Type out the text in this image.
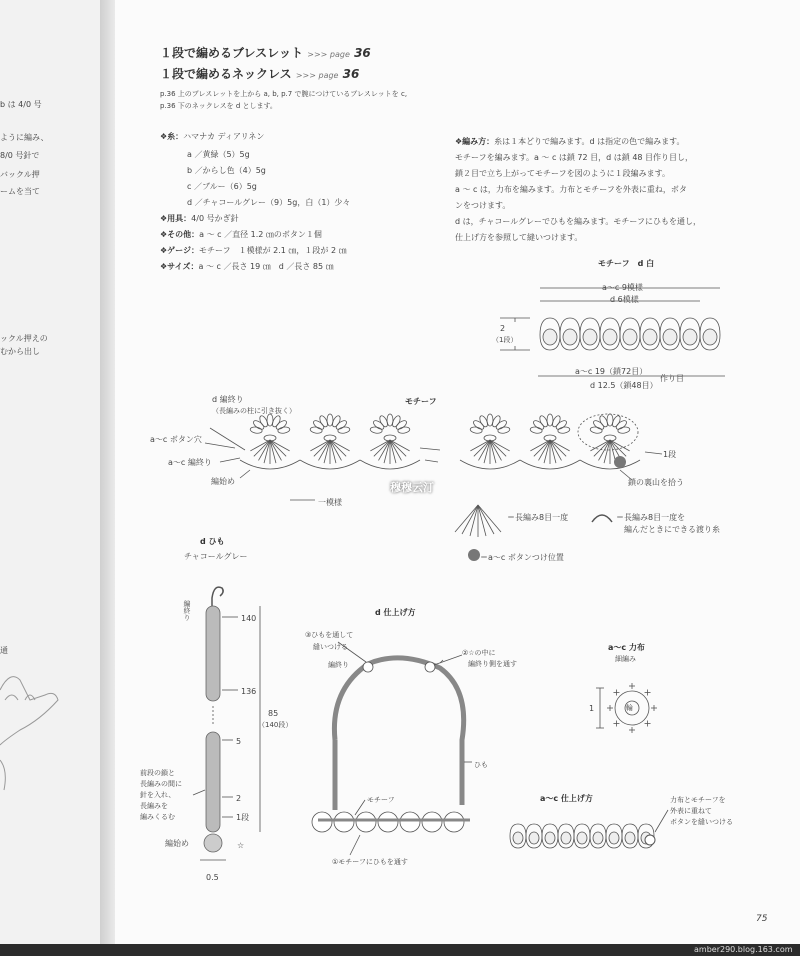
b は 4/0 号
ように編み、
8/0 号針で
バックル押
ームを当て
ックル押えの
むから出し
通
１段で編めるブレスレット >>> page 36
１段で編めるネックレス >>> page 36
p.36 上のブレスレットを上から a, b, p.7 で腕につけているブレスレットを c,
p.36 下のネックレスを d とします。
❖糸：ハマナカ ディアリネン
a ／黄緑（5）5g
b ／からし色（4）5g
c ／ブルー（6）5g
d ／チャコールグレー（9）5g，白（1）少々
❖用具：4/0 号かぎ針
❖その他：a ～ c ／直径 1.2 ㎝のボタン１個
❖ゲージ：モチーフ　１模様が 2.1 ㎝，１段が 2 ㎝
❖サイズ：a ～ c ／長さ 19 ㎝　d ／長さ 85 ㎝
❖編み方：糸は１本どりで編みます。d は指定の色で編みます。
モチーフを編みます。a ～ c は鎖 72 目，d は鎖 48 目作り目し，
鎖２目で立ち上がってモチーフを図のように１段編みます。
a ～ c は，力布を編みます。力布とモチーフを外表に重ね，ボタ
ンをつけます。
d は，チャコールグレーでひもを編みます。モチーフにひもを通し，
仕上げ方を参照して縫いつけます。
モチーフ　d 白
a～c 9模様
d 6模様
2
（1段）
a～c 19（鎖72目）
d 12.5（鎖48目）
作り目
モチーフ
d 編終り
（長編みの柱に引き抜く）
a～c ボタン穴
a～c 編終り
編始め
一模様
1段
鎖の裏山を拾う
穆穆云汀
＝長編み8目一度	＝長編み8目一度を
編んだときにできる渡り糸
＝a～c ボタンつけ位置
d ひも
チャコールグレー
編終り	140
136
5
2
1段
85
（140段）
前段の鎖と
長編みの間に
針を入れ、
長編みを
編みくるむ
編始め	☆
0.5
d 仕上げ方
③ひもを通して
縫いつける
編終り
②☆の中に
編終り側を通す
ひも
モチーフ
①モチーフにひもを通す
a～c 力布
細編み
輪
1
a～c 仕上げ方	力布とモチーフを
外表に重ねて
ボタンを縫いつける
75
amber290.blog.163.com
